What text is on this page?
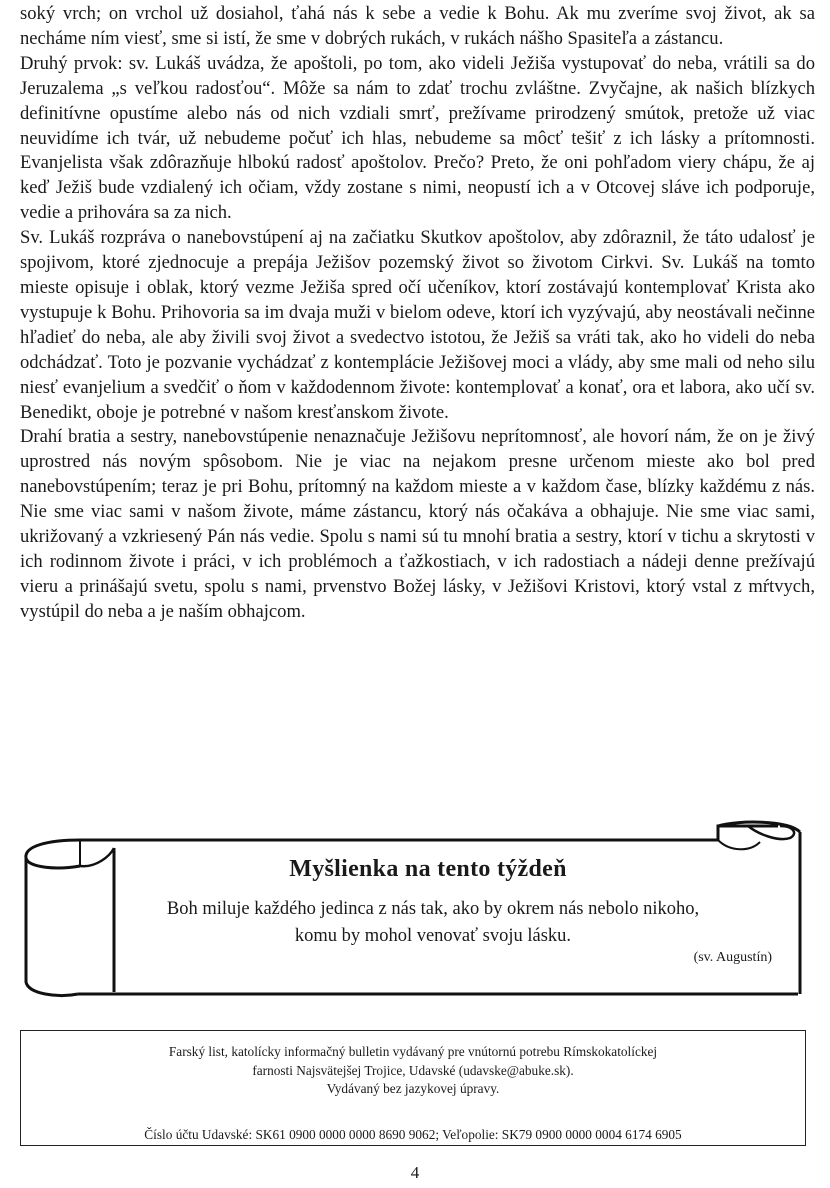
soký vrch; on vrchol už dosiahol, ťahá nás k sebe a vedie k Bohu. Ak mu zveríme svoj život, ak sa necháme ním viesť, sme si istí, že sme v dobrých rukách, v rukách nášho Spasiteľa a zástancu.

Druhý prvok: sv. Lukáš uvádza, že apoštoli, po tom, ako videli Ježiša vystupovať do neba, vrátili sa do Jeruzalema „s veľkou radosťou“. Môže sa nám to zdať trochu zvláštne. Zvyčajne, ak našich blízkych definitívne opustíme alebo nás od nich vzdiali smrť, prežívame prirodzený smútok, pretože už viac neuvidíme ich tvár, už nebudeme počuť ich hlas, nebudeme sa môcť tešiť z ich lásky a prítomnosti. Evanjelista však zdôrazňuje hlbokú radosť apoštolov. Prečo? Preto, že oni pohľadom viery chápu, že aj keď Ježiš bude vzdialený ich očiam, vždy zostane s nimi, neopustí ich a v Otcovej sláve ich podporuje, vedie a prihovára sa za nich.

Sv. Lukáš rozpráva o nanebovstúpení aj na začiatku Skutkov apoštolov, aby zdôraznil, že táto udalosť je spojivom, ktoré zjednocuje a prepája Ježišov pozemský život so životom Cirkvi. Sv. Lukáš na tomto mieste opisuje i oblak, ktorý vezme Ježiša spred očí učeníkov, ktorí zostávajú kontemplovať Krista ako vystupuje k Bohu. Prihovoria sa im dvaja muži v bielom odeve, ktorí ich vyzývajú, aby neostávali nečinne hľadieť do neba, ale aby živili svoj život a svedectvo istotou, že Ježiš sa vráti tak, ako ho videli do neba odchádzať. Toto je pozvanie vychádzať z kontemplácie Ježišovej moci a vlády, aby sme mali od neho silu niesť evanjelium a svedčiť o ňom v každodennom živote: kontemplovať a konať, ora et labora, ako učí sv. Benedikt, oboje je potrebné v našom kresťanskom živote.

Drahí bratia a sestry, nanebovstúpenie nenaznačuje Ježišovu neprítomnosť, ale hovorí nám, že on je živý uprostred nás novým spôsobom. Nie je viac na nejakom presne určenom mieste ako bol pred nanebovstúpením; teraz je pri Bohu, prítomný na každom mieste a v každom čase, blízky každému z nás. Nie sme viac sami v našom živote, máme zástancu, ktorý nás očakáva a obhajuje. Nie sme viac sami, ukrižovaný a vzkriesený Pán nás vedie. Spolu s nami sú tu mnohí bratia a sestry, ktorí v tichu a skrytosti v ich rodinnom živote i práci, v ich problémoch a ťažkostiach, v ich radostiach a nádeji denne prežívajú vieru a prinášajú svetu, spolu s nami, prvenstvo Božej lásky, v Ježišovi Kristovi, ktorý vstal z mŕtvych, vystúpil do neba a je naším obhajcom.

Myšlienka na tento týždeň
Boh miluje každého jedinca z nás tak, ako by okrem nás nebolo nikoho,
komu by mohol venovať svoju lásku.
(sv. Augustín)
Farský list, katolícky informačný bulletin vydávaný pre vnútornú potrebu Rímskokatolíckej
farnosti Najsvätejšej Trojice, Udavské (udavske@abuke.sk).
Vydávaný bez jazykovej úpravy.
Číslo účtu Udavské: SK61 0900 0000 0000 8690 9062; Veľopolie: SK79 0900 0000 0004 6174 6905
4
